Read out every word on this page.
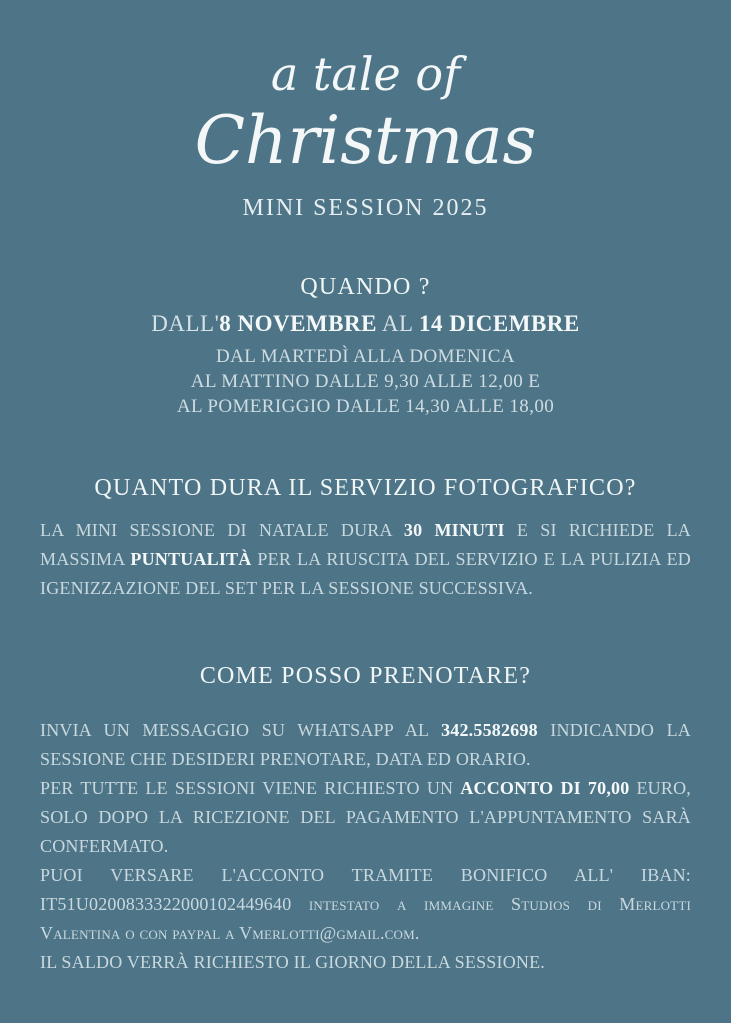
a tale of
Christmas
MINI SESSION 2025
QUANDO ?

DALL'8 NOVEMBRE AL 14 DICEMBRE

DAL MARTEDÌ ALLA DOMENICA

AL MATTINO DALLE 9,30 ALLE 12,00 E

AL POMERIGGIO DALLE 14,30 ALLE 18,00

QUANTO DURA IL SERVIZIO FOTOGRAFICO?

LA MINI SESSIONE DI NATALE DURA 30 MINUTI E SI RICHIEDE LA MASSIMA PUNTUALITÀ PER LA RIUSCITA DEL SERVIZIO E LA PULIZIA ED IGENIZZAZIONE DEL SET PER LA SESSIONE SUCCESSIVA.

COME POSSO PRENOTARE?

INVIA UN MESSAGGIO SU WHATSAPP AL 342.5582698 INDICANDO LA SESSIONE CHE DESIDERI PRENOTARE, DATA ED ORARIO.

PER TUTTE LE SESSIONI VIENE RICHIESTO UN ACCONTO DI 70,00 EURO, SOLO DOPO LA RICEZIONE DEL PAGAMENTO L'APPUNTAMENTO SARÀ CONFERMATO.

PUOI VERSARE L'ACCONTO TRAMITE BONIFICO ALL' IBAN: IT51U0200833322000102449640 intestato a immagine Studios di Merlotti Valentina o con paypal a Vmerlotti@gmail.com.

IL SALDO VERRÀ RICHIESTO IL GIORNO DELLA SESSIONE.
